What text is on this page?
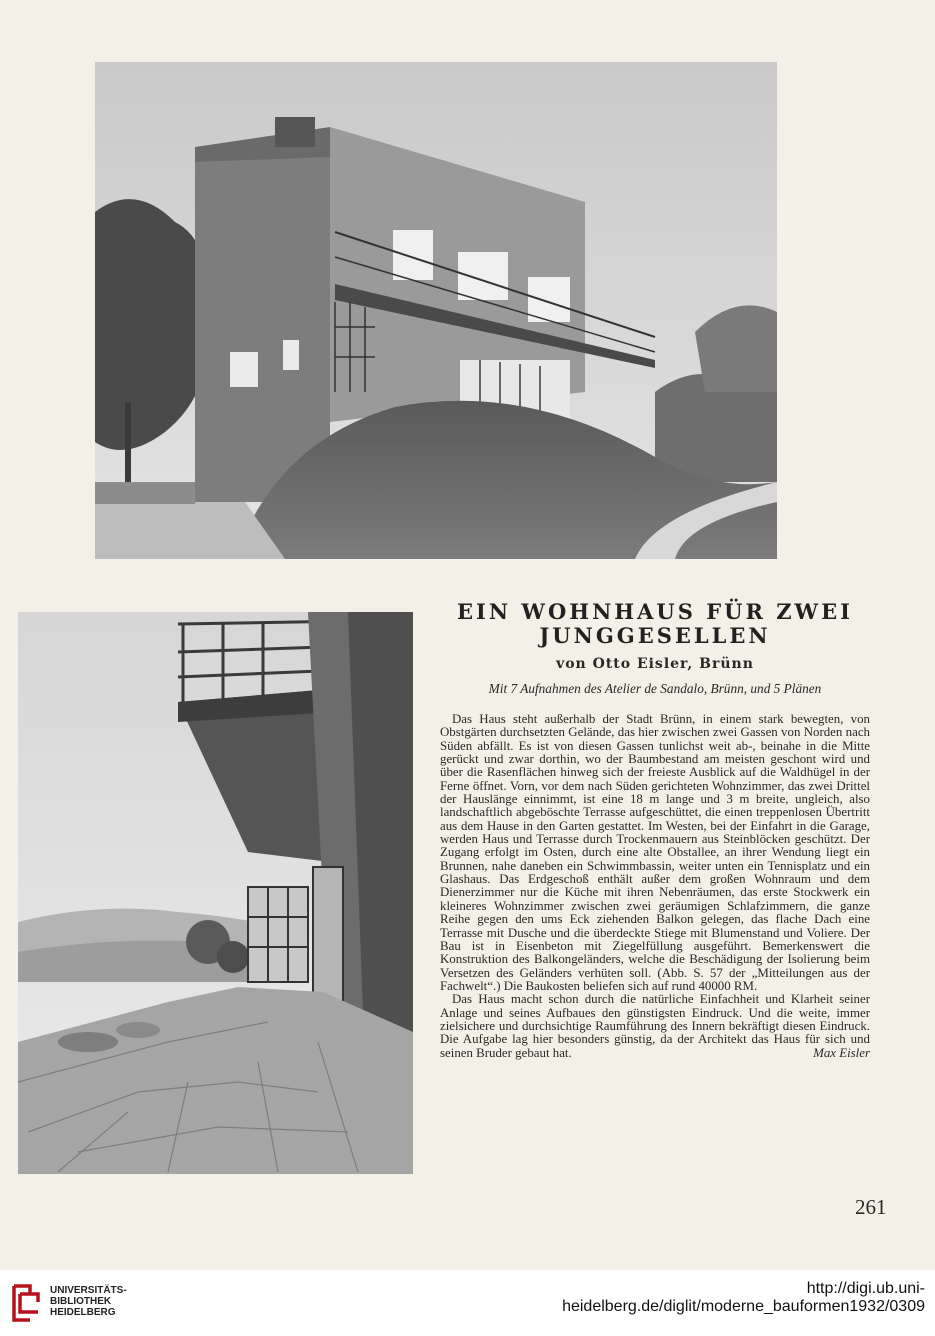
EIN WOHNHAUS FÜR ZWEI
JUNGGESELLEN
von Otto Eisler, Brünn
Mit 7 Aufnahmen des Atelier de Sandalo, Brünn, und 5 Plänen

Das Haus steht außerhalb der Stadt Brünn, in einem stark bewegten, von Obstgärten durchsetzten Gelände, das hier zwischen zwei Gassen von Norden nach Süden abfällt. Es ist von diesen Gassen tunlichst weit ab-, beinahe in die Mitte gerückt und zwar dorthin, wo der Baumbestand am meisten geschont wird und über die Rasenflächen hinweg sich der freieste Ausblick auf die Waldhügel in der Ferne öffnet. Vorn, vor dem nach Süden gerichteten Wohnzimmer, das zwei Drittel der Hauslänge einnimmt, ist eine 18 m lange und 3 m breite, ungleich, also landschaftlich abgeböschte Terrasse aufgeschüttet, die einen treppenlosen Übertritt aus dem Hause in den Garten gestattet. Im Westen, bei der Einfahrt in die Garage, werden Haus und Terrasse durch Trockenmauern aus Steinblöcken geschützt. Der Zugang erfolgt im Osten, durch eine alte Obstallee, an ihrer Wendung liegt ein Brunnen, nahe daneben ein Schwimmbassin, weiter unten ein Tennisplatz und ein Glashaus. Das Erdgeschoß enthält außer dem großen Wohnraum und dem Dienerzimmer nur die Küche mit ihren Nebenräumen, das erste Stockwerk ein kleineres Wohnzimmer zwischen zwei geräumigen Schlafzimmern, die ganze Reihe gegen den ums Eck ziehenden Balkon gelegen, das flache Dach eine Terrasse mit Dusche und die überdeckte Stiege mit Blumenstand und Voliere. Der Bau ist in Eisenbeton mit Ziegelfüllung ausgeführt. Bemerkenswert die Konstruktion des Balkongeländers, welche die Beschädigung der Isolierung beim Versetzen des Geländers verhüten soll. (Abb. S. 57 der „Mitteilungen aus der Fachwelt“.) Die Baukosten beliefen sich auf rund 40000 RM.

Das Haus macht schon durch die natürliche Einfachheit und Klarheit seiner Anlage und seines Aufbaues den günstigsten Eindruck. Und die weite, immer zielsichere und durchsichtige Raumführung des Innern bekräftigt diesen Eindruck. Die Aufgabe lag hier besonders günstig, da der Architekt das Haus für sich und seinen Bruder gebaut hat.	Max Eisler

261
UNIVERSITÄTS-
BIBLIOTHEK
HEIDELBERG
http://digi.ub.uni-heidelberg.de/diglit/moderne_bauformen1932/0309
